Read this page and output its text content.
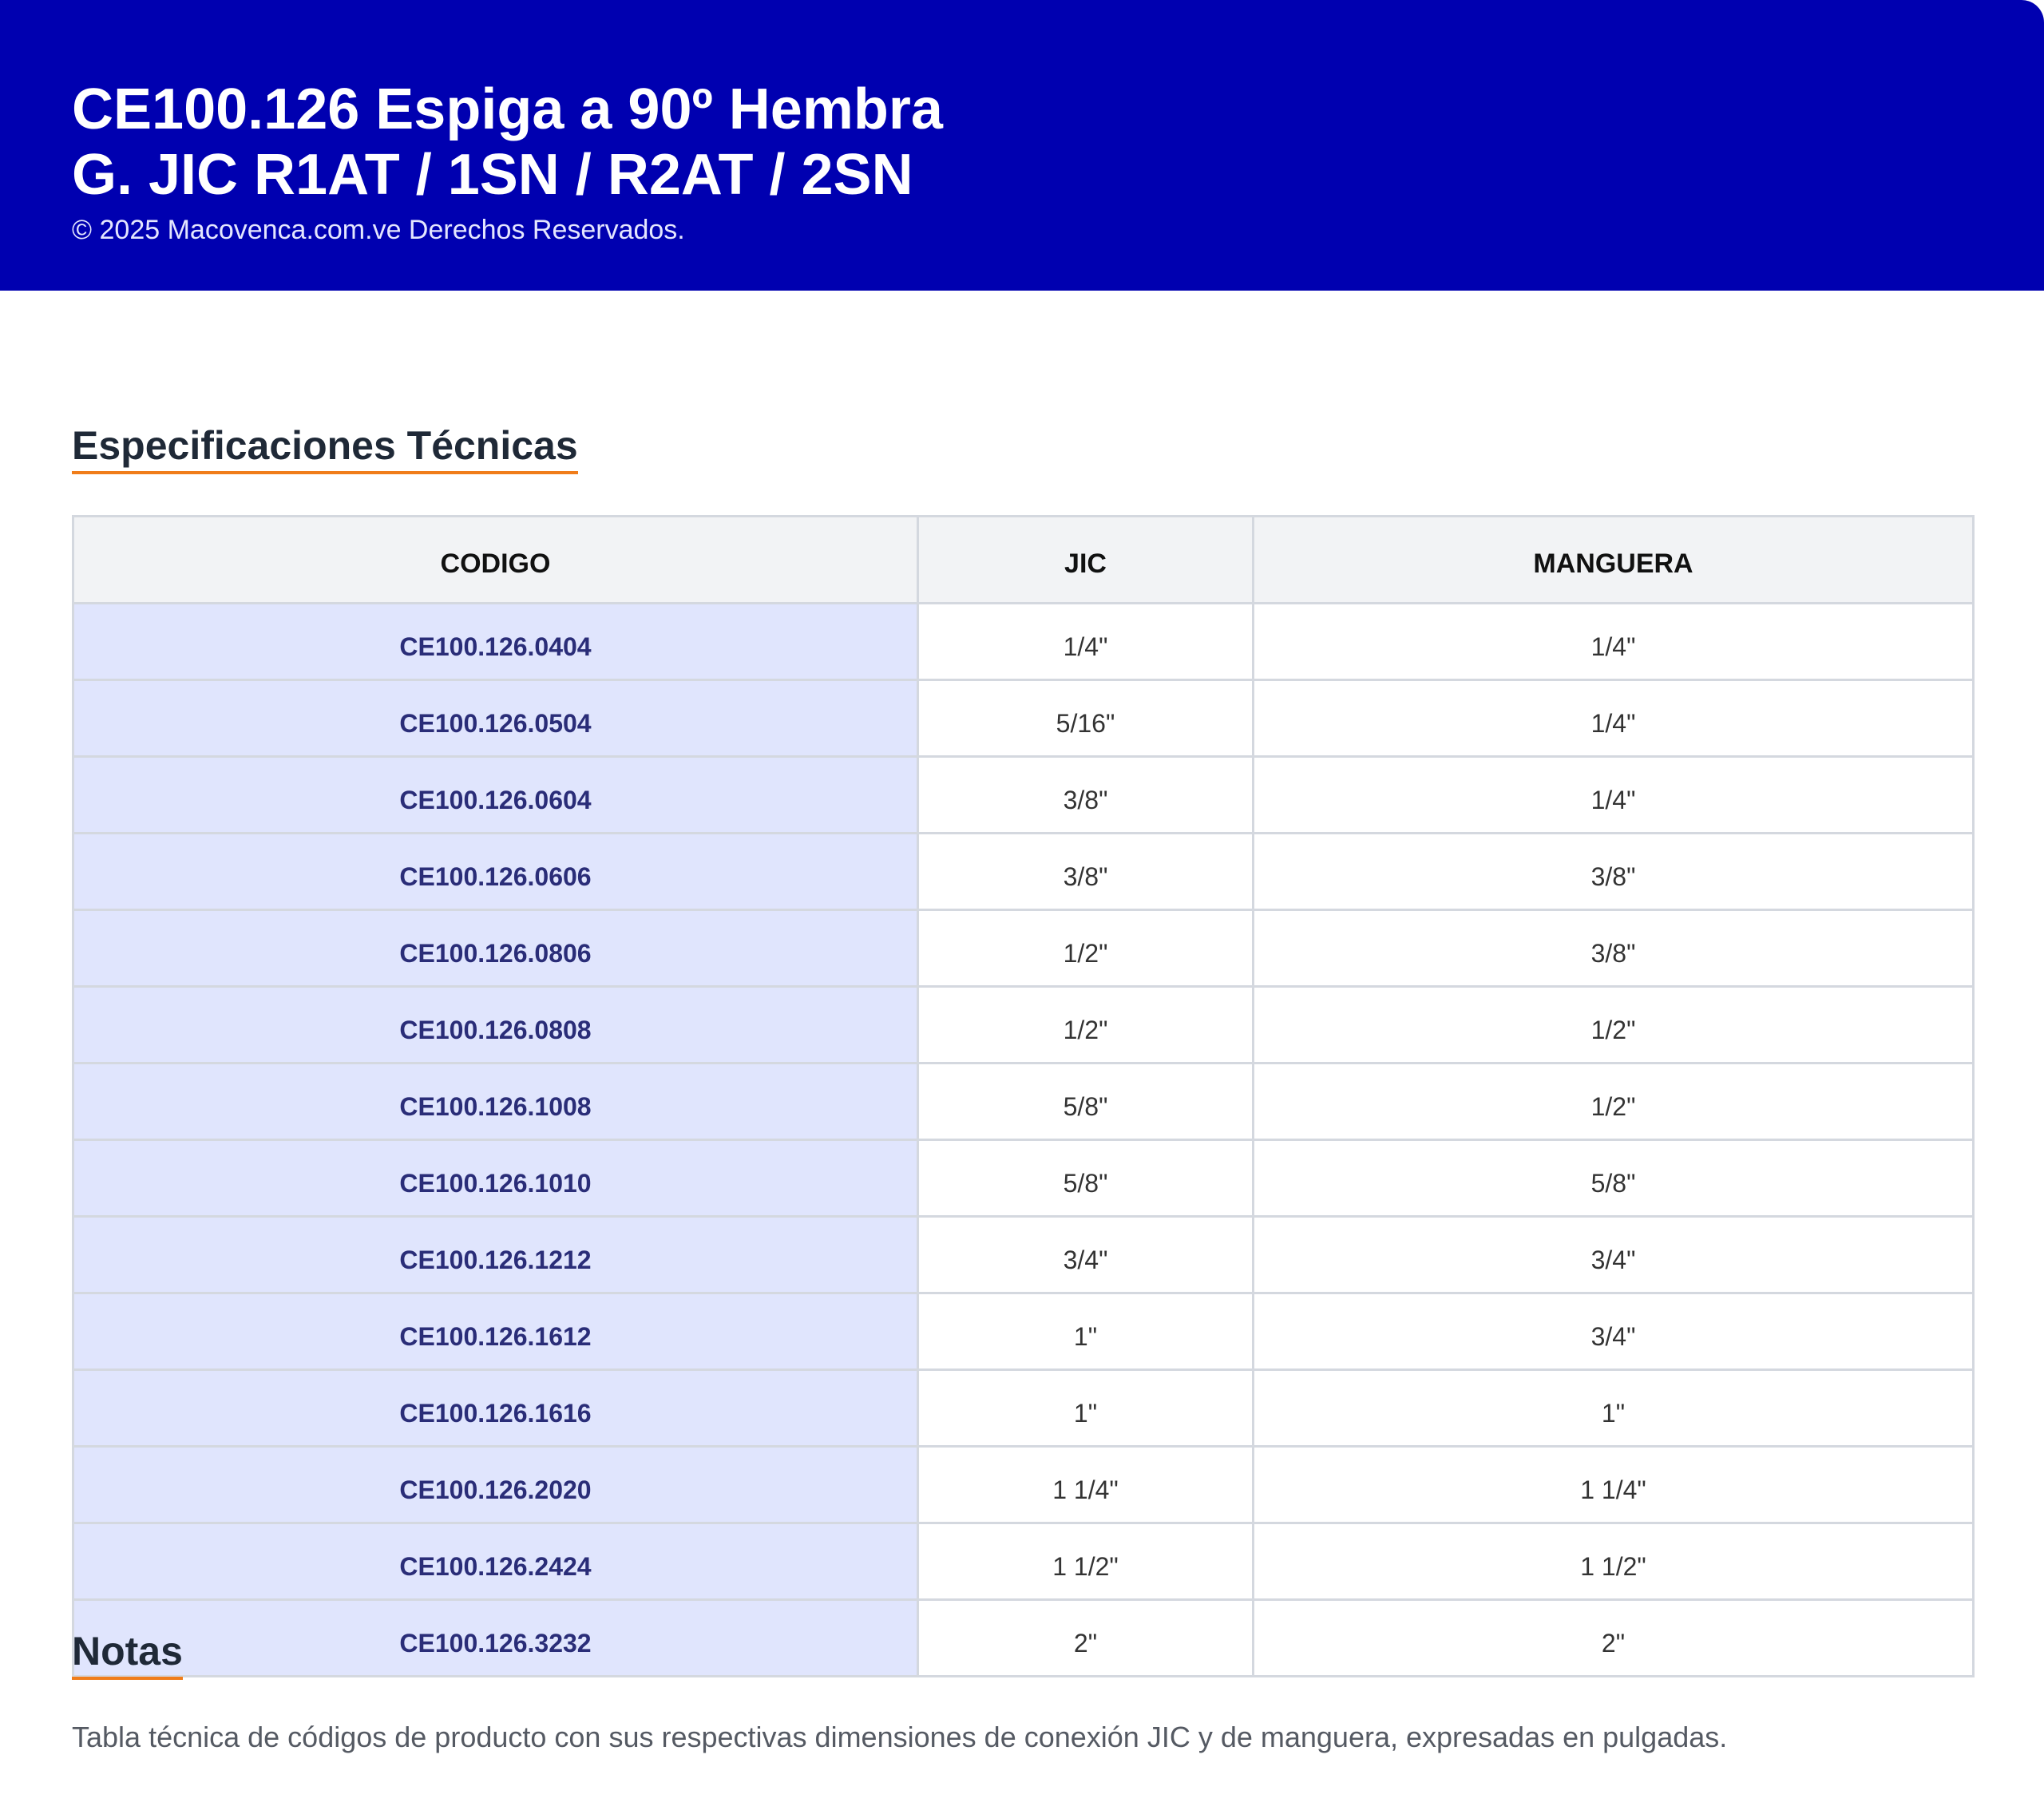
CE100.126 Espiga a 90º Hembra
G. JIC R1AT / 1SN / R2AT / 2SN
© 2025 Macovenca.com.ve Derechos Reservados.
Especificaciones Técnicas
CODIGO	JIC	MANGUERA
CE100.126.0404	1/4"	1/4"
CE100.126.0504	5/16"	1/4"
CE100.126.0604	3/8"	1/4"
CE100.126.0606	3/8"	3/8"
CE100.126.0806	1/2"	3/8"
CE100.126.0808	1/2"	1/2"
CE100.126.1008	5/8"	1/2"
CE100.126.1010	5/8"	5/8"
CE100.126.1212	3/4"	3/4"
CE100.126.1612	1"	3/4"
CE100.126.1616	1"	1"
CE100.126.2020	1 1/4"	1 1/4"
CE100.126.2424	1 1/2"	1 1/2"
CE100.126.3232	2"	2"
Notas

Tabla técnica de códigos de producto con sus respectivas dimensiones de conexión JIC y de manguera, expresadas en pulgadas.
